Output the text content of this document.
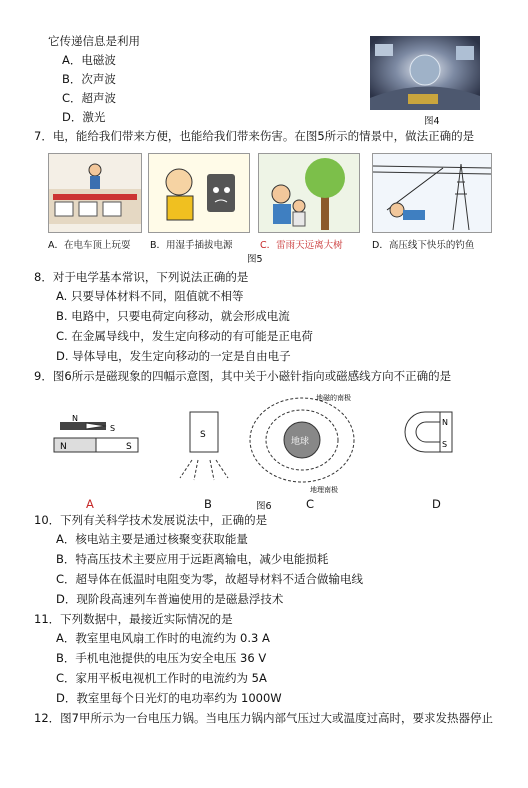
它传递信息是利用
A．电磁波
B．次声波
C．超声波
D．激光	图4
7．电，能给我们带来方便，也能给我们带来伤害。在图5所示的情景中，做法正确的是
A．在电车顶上玩耍 B．用湿手插拔电源	C．雷雨天远离大树	D．高压线下快乐的钓鱼
图5
8．对于电学基本常识，下列说法正确的是
A. 只要导体材料不同，阻值就不相等
B. 电路中，只要电荷定向移动，就会形成电流
C. 在金属导线中，发生定向移动的有可能是正电荷
D. 导体导电，发生定向移动的一定是自由电子
9．图6所示是磁现象的四幅示意图，其中关于小磁针指向或磁感线方向不正确的是
N
S
N	S
S
地球
地磁的南极
地理南极
N
S
A	B	图6	C	D
10．下列有关科学技术发展说法中，正确的是
A．核电站主要是通过核聚变获取能量
B．特高压技术主要应用于远距离输电，减少电能损耗
C．超导体在低温时电阻变为零，故超导材料不适合做输电线
D．现阶段高速列车普遍使用的是磁悬浮技术
11．下列数据中，最接近实际情况的是
A．教室里电风扇工作时的电流约为 0.3 A
B．手机电池提供的电压为安全电压 36 V
C．家用平板电视机工作时的电流约为 5A
D．教室里每个日光灯的电功率约为 1000W
12．图7甲所示为一台电压力锅。当电压力锅内部气压过大或温度过高时，要求发热器停止
